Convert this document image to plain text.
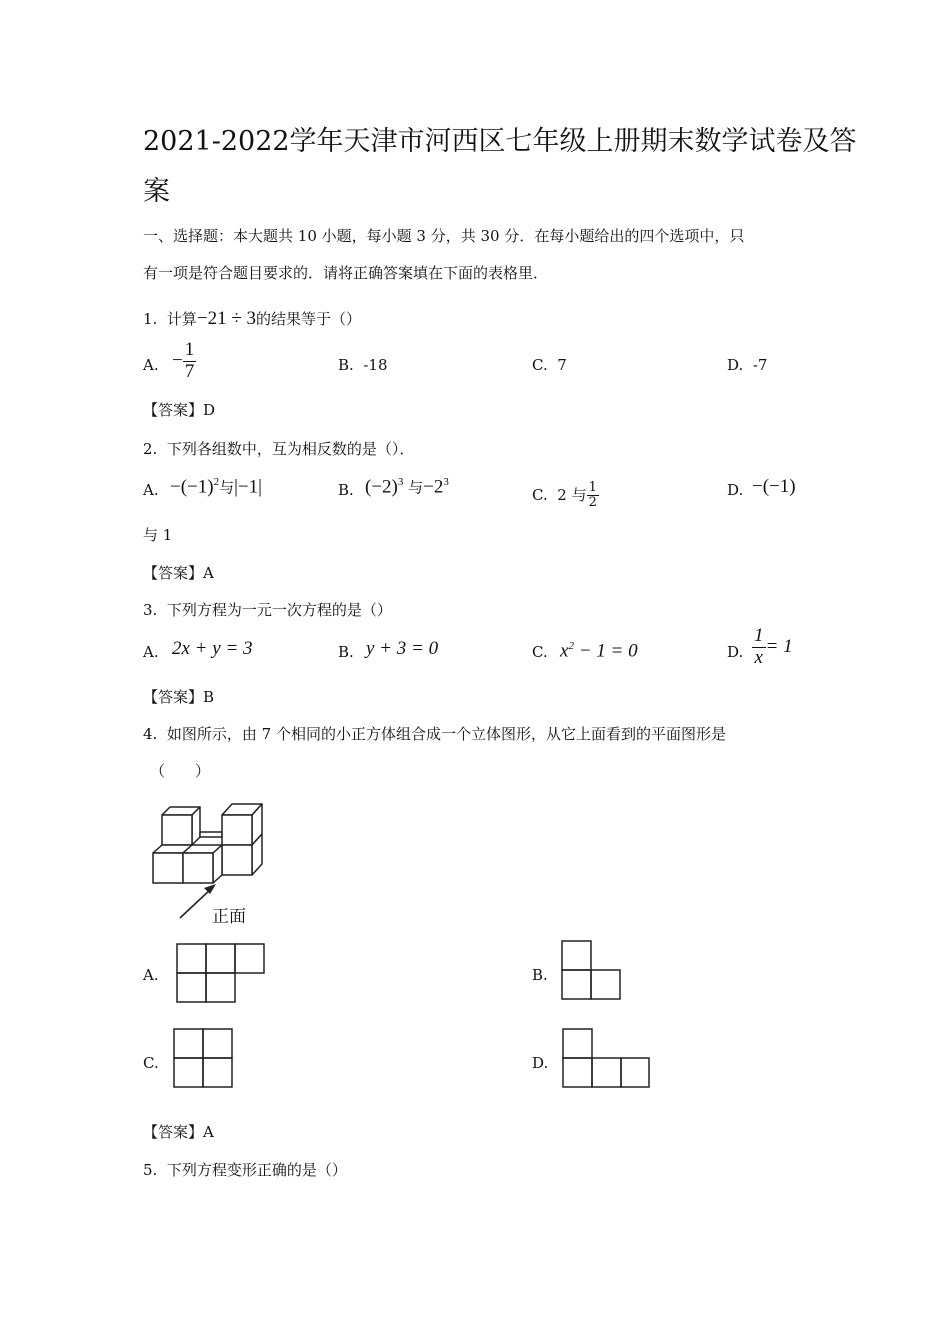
2021-2022学年天津市河西区七年级上册期末数学试卷及答
案
一、选择题：本大题共 10 小题，每小题 3 分，共 30 分．在每小题给出的四个选项中，只
有一项是符合题目要求的．请将正确答案填在下面的表格里．
1. 计算−21 ÷ 3的结果等于（）
A. − $\frac{1}{7}$	B. -18	C. 7	D. -7
【答案】D
2. 下列各组数中，互为相反数的是（）．
A. $-(-1)^2$与|−1|	B. $(-2)^3$ 与$-2^3$
C. 2 与 $\frac{1}{2}$	D. −(−1)
与 1
【答案】A
3. 下列方程为一元一次方程的是（）
A. 2x + y = 3	B. y + 3 = 0	C. $x^2 - 1 = 0$	D. $\frac{1}{x} = 1$
【答案】B
4. 如图所示，由 7 个相同的小正方体组合成一个立体图形，从它上面看到的平面图形是
（　　）
正面
A.	B.
C.	D.
【答案】A
5. 下列方程变形正确的是（）
